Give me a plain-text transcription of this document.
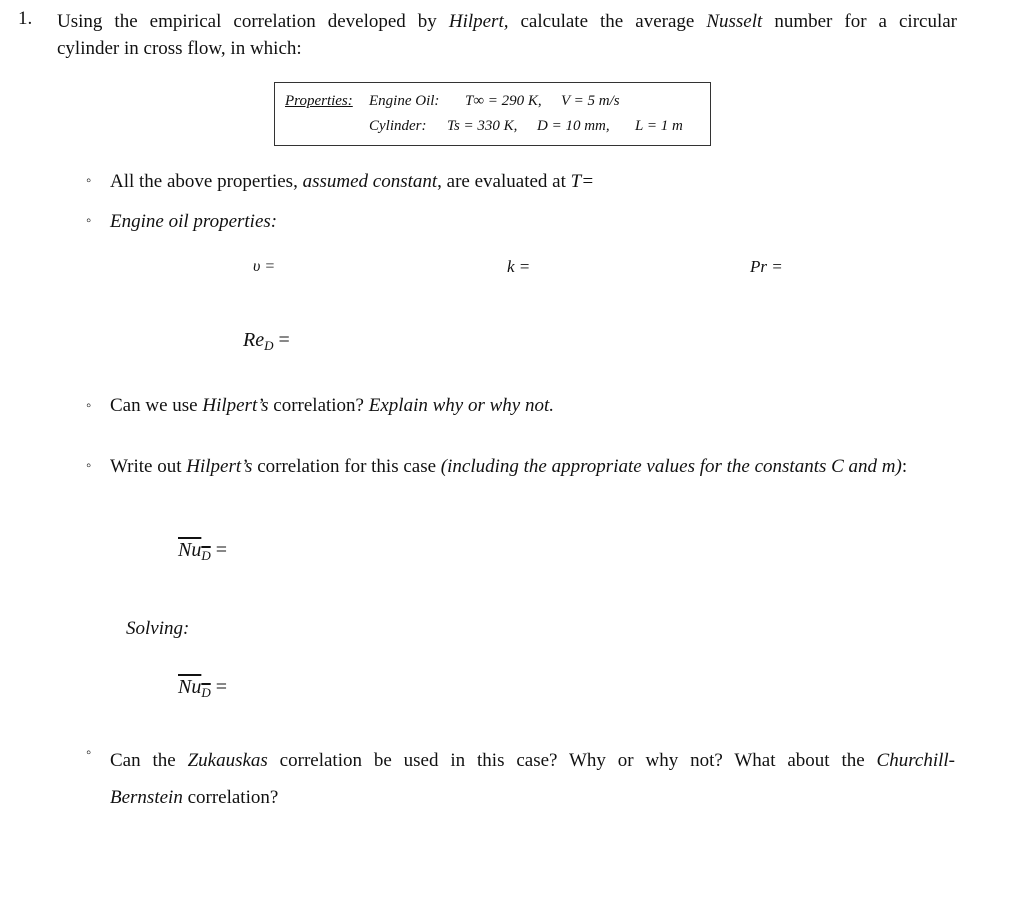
1. Using the empirical correlation developed by Hilpert, calculate the average Nusselt number for a circular
cylinder in cross flow, in which:
Properties: Engine Oil: T∞ = 290 K, V = 5 m/s
Cylinder: Ts = 330 K, D = 10 mm, L = 1 m
◦ All the above properties, assumed constant, are evaluated at T=
◦ Engine oil properties:
υ =	k =	Pr =
$Re_D$ =
◦ Can we use Hilpert’s correlation? Explain why or why not.
◦ Write out Hilpert’s correlation for this case (including the appropriate values for the constants C and m):
$Nu_D$ =
Solving:
$Nu_D$ =
◦ Can the Zukauskas correlation be used in this case? Why or why not? What about the Churchill-
Bernstein correlation?
